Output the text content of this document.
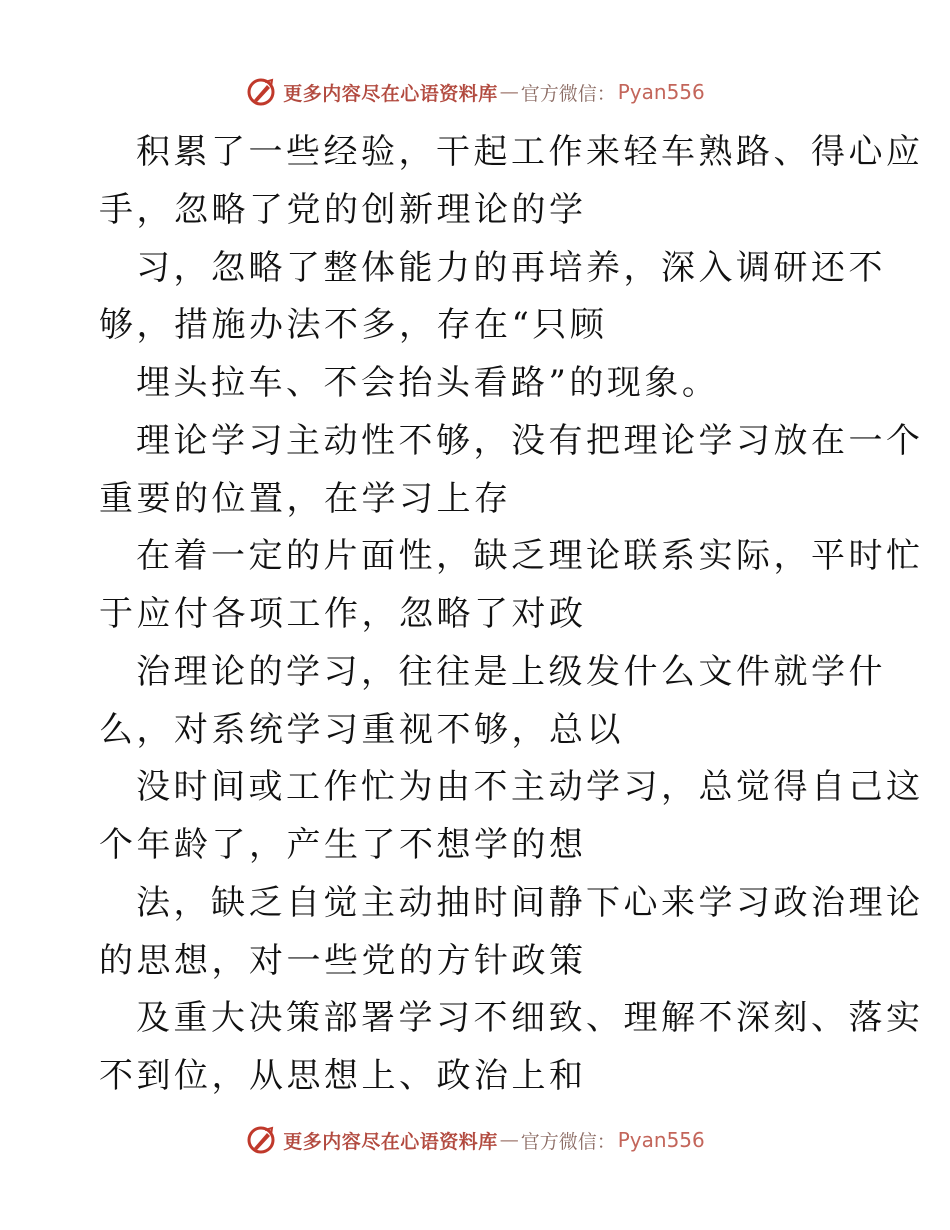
更多内容尽在心语资料库 — 官方微信： Pyan556
积累了一些经验，干起工作来轻车熟路、得心应
手，忽略了党的创新理论的学
习，忽略了整体能力的再培养，深入调研还不
够，措施办法不多，存在“只顾
埋头拉车、不会抬头看路”的现象。
理论学习主动性不够，没有把理论学习放在一个
重要的位置，在学习上存
在着一定的片面性，缺乏理论联系实际，平时忙
于应付各项工作，忽略了对政
治理论的学习，往往是上级发什么文件就学什
么，对系统学习重视不够，总以
没时间或工作忙为由不主动学习，总觉得自己这
个年龄了，产生了不想学的想
法，缺乏自觉主动抽时间静下心来学习政治理论
的思想，对一些党的方针政策
及重大决策部署学习不细致、理解不深刻、落实
不到位，从思想上、政治上和
更多内容尽在心语资料库 — 官方微信： Pyan556
